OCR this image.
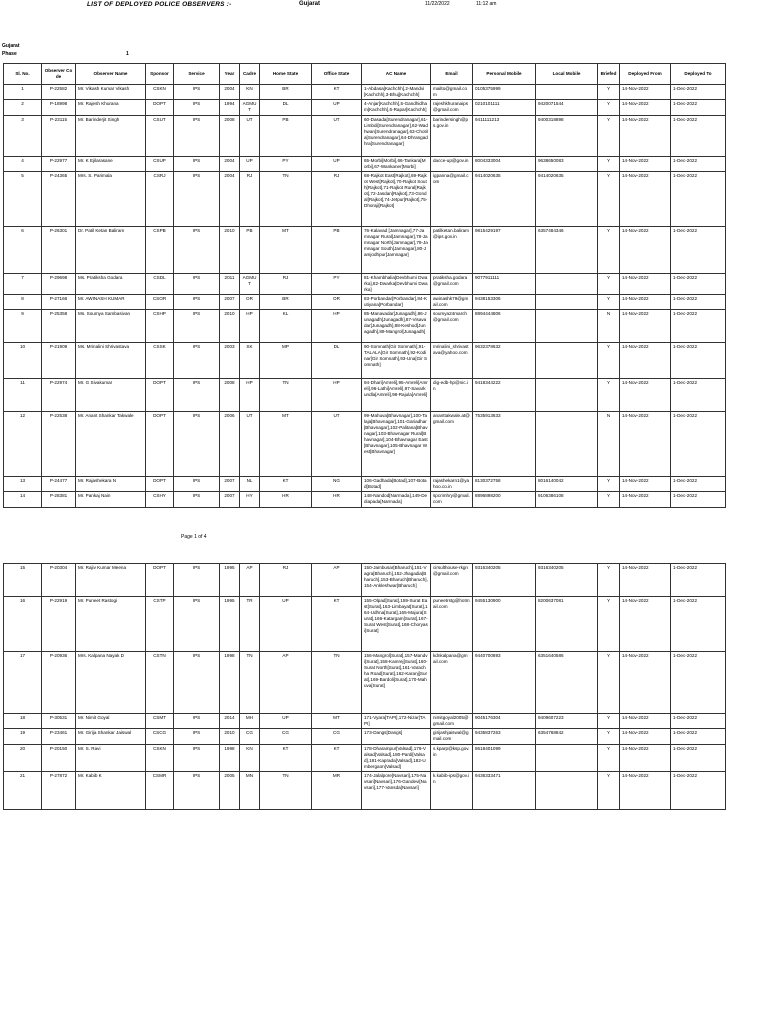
LIST OF DEPLOYED POLICE OBSERVERS :-	Gujarat	11/22/2022	11:12 am
Gujarat
Phase	1
Sl. No.	Observer Code	Observer Name	Sponsor	Service	Year	Cadre	Home State	Office State	AC Name	Email	Personal Mobile	Local Mobile	Briefed	Deployed From	Deployed To
1	P-22582	Mr. Vikash Kumar Vikash	CSKN	IPS	2004	KN	BR	KT	1-Abdasa[Kachchh],2-Mandvi[Kachchh],3-Bhuj[Kachchh]	mailto@gmail.com	0105375999		Y	14-Nov-2022	1-Dec-2022
2	P-18998	Mr. Rajesh Khurana	DOPT	IPS	1994	AGMUT	DL	UP	4-Anjar[Kachchh],5-Gandhidham[Kachchh],6-Rapar[Kachchh]	rajeshkhuranaips@gmail.com	0210101111	9420071544	Y	14-Nov-2022	1-Dec-2022
3	P-23115	Mr. Barinderjit Singh	CSUT	IPS	2008	UT	PB	UT	60-Dasada[Surendranagar],61-Limbdi[Surendranagar],62-Wadhwan[Surendranagar],63-Chotila[Surendranagar],64-Dhrangadhra[Surendranagar]	barindersingh@ps.gov.in	9411111213	9400318898	Y	14-Nov-2022	1-Dec-2022
4	P-22977	Mr. K Ejilarasane	CSUP	IPS	2004	UP	PY	UP	65-Morbi[Morbi],66-Tankara[Morbi],67-Wankaner[Morbi]	dacce-up@gov.in	8004333004	9638650083	Y	14-Nov-2022	1-Dec-2022
5	P-24365	Mrs. S. Parimala	CSRJ	IPS	2004	RJ	TN	RJ	68-Rajkot East[Rajkot],69-Rajkot West[Rajkot],70-Rajkot South[Rajkot],71-Rajkot Rural[Rajkot],72-Jasdan[Rajkot],73-Gondal[Rajkot],74-Jetpur[Rajkot],75-Dhoraji[Rajkot]	igpanna@gmail.com	9414020635	9414020635	Y	14-Nov-2022	1-Dec-2022
6	P-26301	Dr. Patil Ketan Baliram	CSPB	IPS	2010	PB	MT	PB	76-Kalavad [Jamnagar],77-Jamnagar Rural[Jamnagar],78-Jamnagar North[Jamnagar],79-Jamnagar South[Jamnagar],80-Jamjodhpur[Jamnagar]	patilketan.baliram@ips.gov.in	9815429197	6357484346	Y	14-Nov-2022	1-Dec-2022
7	P-29698	Ms. Pratiksha Godara	CSDL	IPS	2011	AGMUT	RJ	PY	81-Khambhalia[Devbhumi Dwarka],82-Dwarka[Devbhumi Dwarka]	pratiksha.godara@gmail.com	9077911111		Y	14-Nov-2022	1-Dec-2022
8	P-27166	Mr. AWINASH KUMAR	CSOR	IPS	2007	OR	BR	OR	83-Porbandar[Porbandar],84-Kutiyana[Porbandar]	awinashk79@gmail.com	9438153306		Y	14-Nov-2022	1-Dec-2022
9	P-25358	Ms. Soumya Sambasivan	CSHP	IPS	2010	HP	KL	HP	85-Manavadar[Junagadh],86-Junagadh[Junagadh],87-Visavadar[Junagadh],88-Keshod[Junagadh],89-Mangrol[Junagadh]	soumya24march@gmail.com	8894444806		N	14-Nov-2022	1-Dec-2022
10	P-21909	Ms. Mrinalini Shrivastava	CSSK	IPS	2003	SK	MP	DL	90-Somnath[Gir Somnath],91-TALALA[Gir Somnath],92-Kodinar[Gir Somnath],93-Una[Gir Somnath]	mrinalini_shrivastava@yahoo.com	9632378632		Y	14-Nov-2022	1-Dec-2022
11	P-22974	Mr. G Sivakumar	DOPT	IPS	2008	HP	TN	HP	94-Dhari[Amreli],95-Amreli[Amreli],96-Lathi[Amreli],97-Savarkundla[Amreli],98-Rajula[Amreli]	dig-edb-hp@nic.in	9418344222		Y	14-Nov-2022	1-Dec-2022
12	P-22538	Mr. Anant Shankar Takwale	DOPT	IPS	2006	UT	MT	UT	99-Mahuva[Bhavnagar],100-Talaja[Bhavnagar],101-Gariadhar[Bhavnagar],102-Palitana[Bhavnagar],103-Bhavnagar Rural[Bhavnagar],104-Bhavnagar East[Bhavnagar],105-Bhavnagar West[Bhavnagar]	ananttakwale.at@gmail.com	7535913633		N	14-Nov-2022	1-Dec-2022
13	P-24477	Mr. Rajashekara N	DOPT	IPS	2007	NL	KT	NG	106-Gadhada[Botad],107-Botad[Botad]	rajashekarn1@yahoo.co.in	8130372758	8016140042	Y	14-Nov-2022	1-Dec-2022
14	P-28381	Mr. Pankaj Nain	CSHY	IPS	2007	HY	HR	HR	148-Nandod[Narmada],149-Dediapada[Narmada]	spcrimhry@gmail.com	8896898200	9106386108	Y	14-Nov-2022	1-Dec-2022
Page 1 of 4
15	P-20304	Mr. Rajiv Kumar Meena	DOPT	IPS	1995	AP	RJ	AP	150-Jambusar[Bharuch],151-Vagra[Bharuch],152-Jhagadia[Bharuch],153-Bharuch[Bharuch],154-Ankleshwar[Bharuch]	cirsulthouse-rkgn@gmail.com	9316340205	9316340205	Y	14-Nov-2022	1-Dec-2022
16	P-22919	Mr. Puneet Rastogi	CSTP	IPS	1995	TR	UP	KT	155-Olpad[Surat],159-Surat East[Surat],163-Limbayat[Surat],164-Udhna[Surat],165-Majura[Surat],166-Katargam[Surat],167-Surat West[Surat],168-Choryasi[Surat]	puneetrstg@hotmail.com	9455130900	8200637081	Y	14-Nov-2022	1-Dec-2022
17	P-20936	Mrs. Kalpana Nayak D	CSTN	IPS	1998	TN	AP	TN	156-Mangrol[Surat],157-Mandvi[Surat],158-Kamrej[Surat],160-Surat North[Surat],161-Varachha Road[Surat],162-Karanj[Surat],169-Bardoli[Surat],170-Mahuva[Surat]	kdnkalpana@gmail.com	9440700893	6351640586	Y	14-Nov-2022	1-Dec-2022
18	P-30531	Mr. Nimit Goyal	CSMT	IPS	2014	MH	UP	MT	171-Vyara[TAPI],172-Nizar[TAPI]	nimitgoyal2005@gmail.com	9045176304	9409607223	Y	14-Nov-2022	1-Dec-2022
19	P-23461	Mr. Girija Shankar Jaiswal	CSCG	IPS	2010	CG	CG	CG	173-Dangs[Dangs]	girijashjaiswal@gmail.com	9435837263	6354768842	Y	14-Nov-2022	1-Dec-2022
20	P-20150	Mr. S. Ravi	CSKN	IPS	1998	KN	KT	KT	178-Dharampur[Valsad],179-Valsad[Valsad],180-Pardi[Valsad],181-Kaprada[Valsad],182-Umbergaon[Valsad]	s.kparp@ksp.gov.in	8618401099		Y	14-Nov-2022	1-Dec-2022
21	P-27872	Mr. Kabib K	CSMR	IPS	2005	MN	TN	MR	174-Jalalpore[Navsari],175-Navsari[Navsari],176-Gandevi[Navsari],177-Vansda[Navsari]	k.kabib-ips@gov.in	9436333471		Y	14-Nov-2022	1-Dec-2022
